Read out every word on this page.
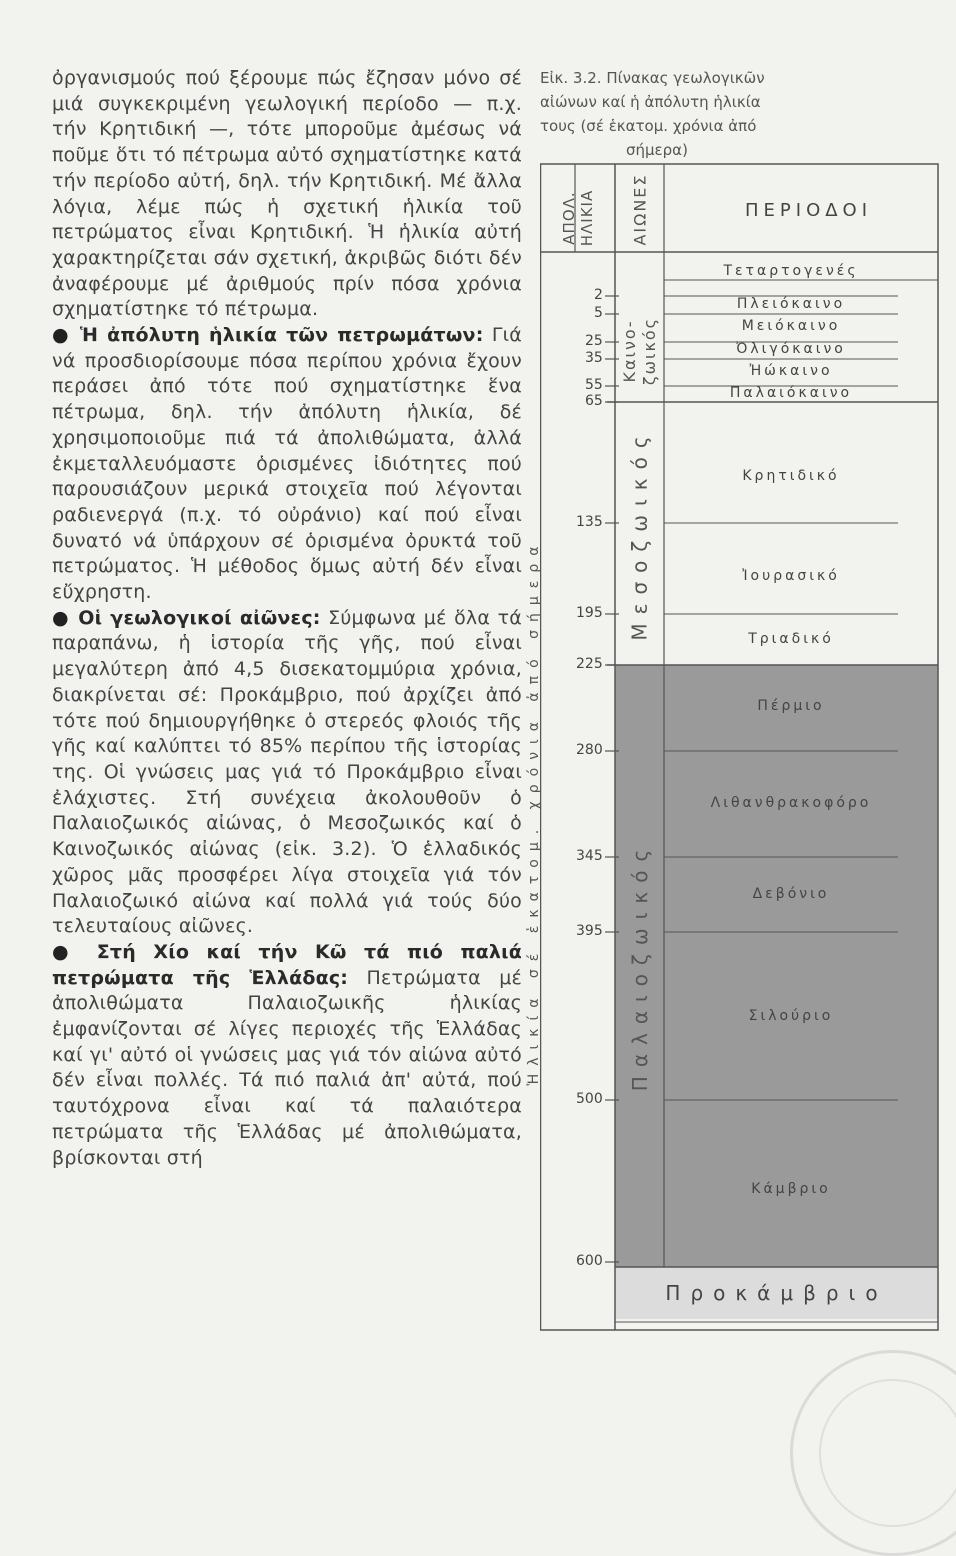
ὀργανισμούς πού ξέρουμε πώς ἔζησαν μόνο σέ μιά συγκεκριμένη γεωλογική περίοδο — π.χ. τήν Κρητιδική —, τότε μποροῦμε ἀμέσως νά ποῦμε ὅτι τό πέτρωμα αὐτό σχηματίστηκε κατά τήν περίοδο αὐτή, δηλ. τήν Κρητιδική. Μέ ἄλλα λόγια, λέμε πώς ἡ σχετική ἡλικία τοῦ πετρώματος εἶναι Κρητιδική. Ἡ ἡλικία αὐτή χαρακτηρίζεται σάν σχετική, ἀκριβῶς διότι δέν ἀναφέρουμε μέ ἀριθμούς πρίν πόσα χρόνια σχηματίστηκε τό πέτρωμα.

● Ἡ ἀπόλυτη ἡλικία τῶν πετρωμάτων: Γιά νά προσδιορίσουμε πόσα περίπου χρόνια ἔχουν περάσει ἀπό τότε πού σχηματίστηκε ἕνα πέτρωμα, δηλ. τήν ἀπόλυτη ἡλικία, δέ χρησιμοποιοῦμε πιά τά ἀπολιθώματα, ἀλλά ἐκμεταλλευόμαστε ὁρισμένες ἰδιότητες πού παρουσιάζουν μερικά στοιχεῖα πού λέγονται ραδιενεργά (π.χ. τό οὐράνιο) καί πού εἶναι δυνατό νά ὑπάρχουν σέ ὁρισμένα ὀρυκτά τοῦ πετρώματος. Ἡ μέθοδος ὅμως αὐτή δέν εἶναι εὔχρηστη.

● Οἱ γεωλογικοί αἰῶνες: Σύμφωνα μέ ὅλα τά παραπάνω, ἡ ἱστορία τῆς γῆς, πού εἶναι μεγαλύτερη ἀπό 4,5 δισεκατομμύρια χρόνια, διακρίνεται σέ: Προκάμβριο, πού ἀρχίζει ἀπό τότε πού δημιουργήθηκε ὁ στερεός φλοιός τῆς γῆς καί καλύπτει τό 85% περίπου τῆς ἱστορίας της. Οἱ γνώσεις μας γιά τό Προκάμβριο εἶναι ἐλάχιστες. Στή συνέχεια ἀκολουθοῦν ὁ Παλαιοζωικός αἰώνας, ὁ Μεσοζωικός καί ὁ Καινοζωικός αἰώνας (εἰκ. 3.2). Ὁ ἑλλαδικός χῶρος μᾶς προσφέρει λίγα στοιχεῖα γιά τόν Παλαιοζωικό αἰώνα καί πολλά γιά τούς δύο τελευταίους αἰῶνες.

● Στή Χίο καί τήν Κῶ τά πιό παλιά πετρώματα τῆς Ἑλλάδας: Πετρώματα μέ ἀπολιθώματα Παλαιοζωικῆς ἡλικίας ἐμφανίζονται σέ λίγες περιοχές τῆς Ἑλλάδας καί γι' αὐτό οἱ γνώσεις μας γιά τόν αἰώνα αὐτό δέν εἶναι πολλές. Τά πιό παλιά ἀπ' αὐτά, πού ταυτόχρονα εἶναι καί τά παλαιότερα πετρώματα τῆς Ἑλλάδας μέ ἀπολιθώματα, βρίσκονται στή

Εἰκ. 3.2. Πίνακας γεωλογικῶν
αἰώνων καί ἡ ἀπόλυτη ἡλικία
τους (σέ ἑκατομ. χρόνια ἀπό
σήμερα)
2
5
25
35
55
65
135
195
225
280
345
395
500
600
ΑΠΟΛ. ΗΛΙΚΙΑ ΑΙΩΝΕΣ	ΠΕΡΙΟΔΟΙ
Καινο- ζωικός
Μεσοζωικός
Παλαιοζωικός
Τεταρτογενές
Πλειόκαινο
Μειόκαινο
Ὀλιγόκαινο
Ἠώκαινο
Παλαιόκαινο
Κρητιδικό
Ἰουρασικό
Τριαδικό
Πέρμιο
Λιθανθρακοφόρο
Δεβόνιο
Σιλούριο
Κάμβριο
Προκάμβριο
Ἡλικία σέ ἑκατομ. χρόνια ἀπό σήμερα
